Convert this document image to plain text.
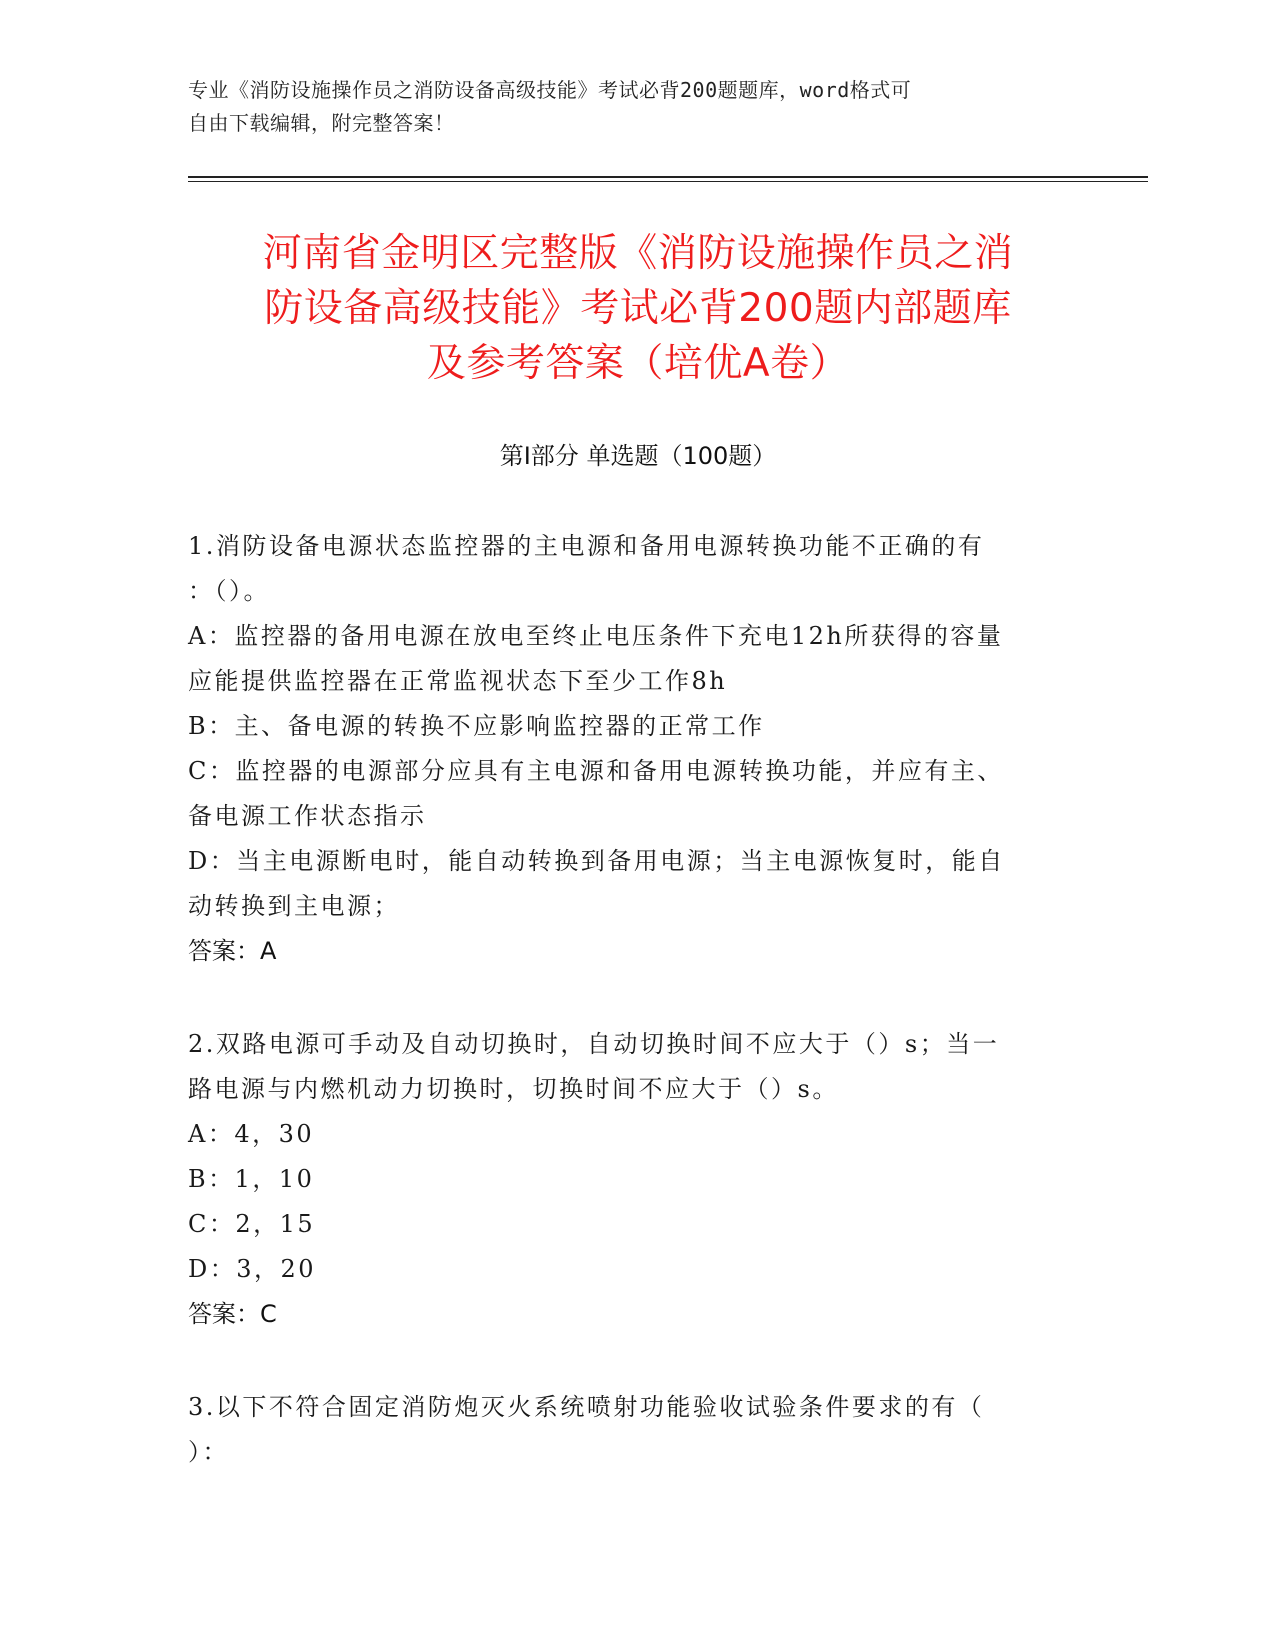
专业《消防设施操作员之消防设备高级技能》考试必背200题题库，word格式可
自由下载编辑，附完整答案！
河南省金明区完整版《消防设施操作员之消
防设备高级技能》考试必背200题内部题库
及参考答案（培优A卷）
第I部分 单选题（100题）
1.消防设备电源状态监控器的主电源和备用电源转换功能不正确的有
：（）。
A：监控器的备用电源在放电至终止电压条件下充电12h所获得的容量
应能提供监控器在正常监视状态下至少工作8h
B：主、备电源的转换不应影响监控器的正常工作
C：监控器的电源部分应具有主电源和备用电源转换功能，并应有主、
备电源工作状态指示
D：当主电源断电时，能自动转换到备用电源；当主电源恢复时，能自
动转换到主电源；
答案：A
2.双路电源可手动及自动切换时，自动切换时间不应大于（）s；当一
路电源与内燃机动力切换时，切换时间不应大于（）s。
A：4，30
B：1，10
C：2，15
D：3，20
答案：C
3.以下不符合固定消防炮灭火系统喷射功能验收试验条件要求的有（
）：
